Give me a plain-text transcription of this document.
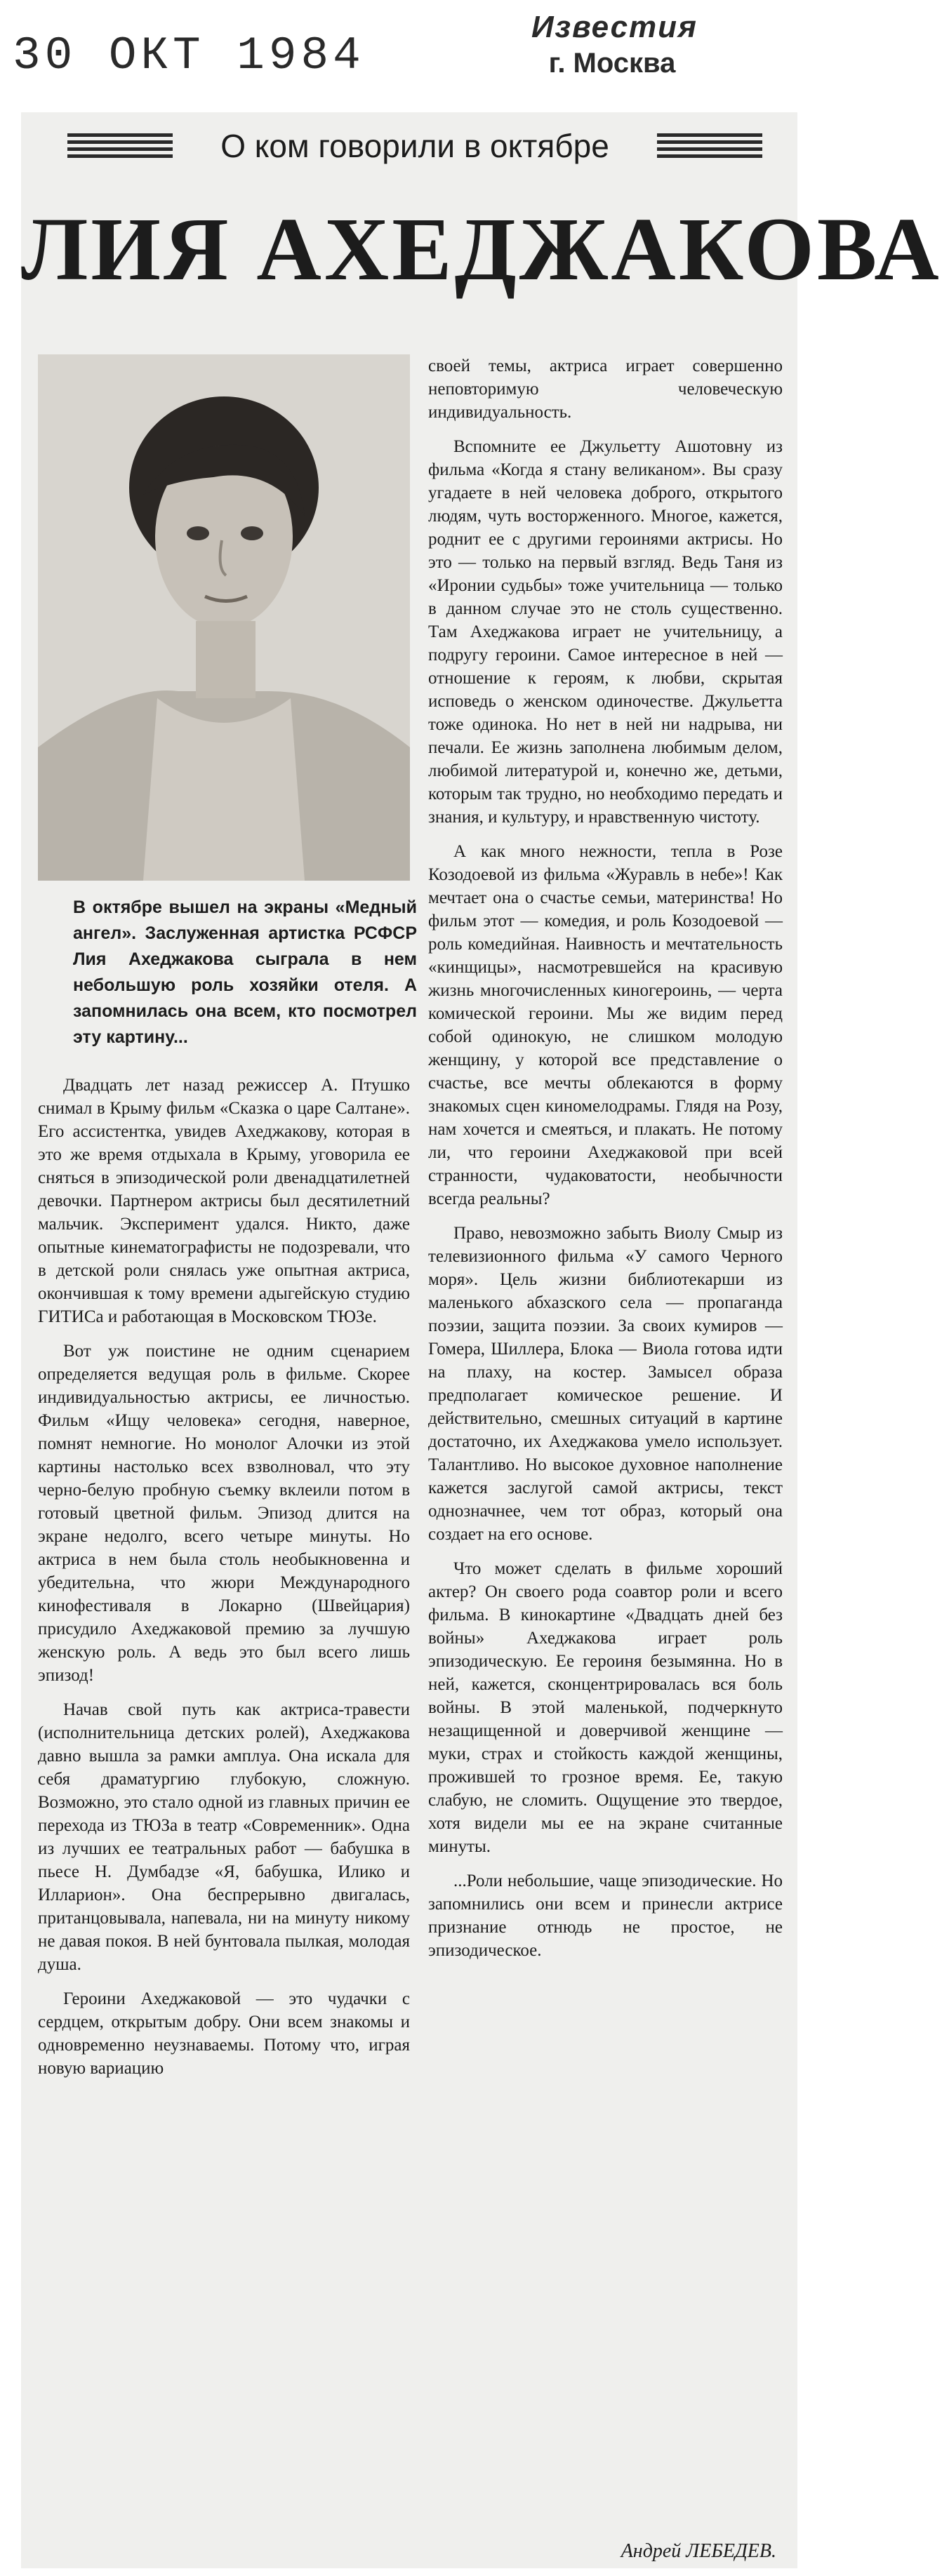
30 ОКТ 1984
Известия
г. Москва
О ком говорили в октябре
ЛИЯ АХЕДЖАКОВА

В октябре вышел на экраны «Медный ангел». Заслуженная артистка РСФСР Лия Ахеджакова сыграла в нем небольшую роль хозяйки отеля. А запомнилась она всем, кто посмотрел эту картину...

Двадцать лет назад режиссер А. Птушко снимал в Крыму фильм «Сказка о царе Салтане». Его ассистентка, увидев Ахеджакову, которая в это же время отдыхала в Крыму, уговорила ее сняться в эпизодической роли двенадцатилетней девочки. Партнером актрисы был десятилетний мальчик. Эксперимент удался. Никто, даже опытные кинематографисты не подозревали, что в детской роли снялась уже опытная актриса, окончившая к тому времени адыгейскую студию ГИТИСа и работающая в Московском ТЮЗе.

Вот уж поистине не одним сценарием определяется ведущая роль в фильме. Скорее индивидуальностью актрисы, ее личностью. Фильм «Ищу человека» сегодня, наверное, помнят немногие. Но монолог Алочки из этой картины настолько всех взволновал, что эту черно-белую пробную съемку вклеили потом в готовый цветной фильм. Эпизод длится на экране недолго, всего четыре минуты. Но актриса в нем была столь необыкновенна и убедительна, что жюри Международного кинофестиваля в Локарно (Швейцария) присудило Ахеджаковой премию за лучшую женскую роль. А ведь это был всего лишь эпизод!

Начав свой путь как актриса-травести (исполнительница детских ролей), Ахеджакова давно вышла за рамки амплуа. Она искала для себя драматургию глубокую, сложную. Возможно, это стало одной из главных причин ее перехода из ТЮЗа в театр «Современник». Одна из лучших ее театральных работ — бабушка в пьесе Н. Думбадзе «Я, бабушка, Илико и Илларион». Она беспрерывно двигалась, пританцовывала, напевала, ни на минуту никому не давая покоя. В ней бунтовала пылкая, молодая душа.

Героини Ахеджаковой — это чудачки с сердцем, открытым добру. Они всем знакомы и одновременно неузнаваемы. Потому что, играя новую вариацию

своей темы, актриса играет совершенно неповторимую человеческую индивидуальность.

Вспомните ее Джульетту Ашотовну из фильма «Когда я стану великаном». Вы сразу угадаете в ней человека доброго, открытого людям, чуть восторженного. Многое, кажется, роднит ее с другими героинями актрисы. Но это — только на первый взгляд. Ведь Таня из «Иронии судьбы» тоже учительница — только в данном случае это не столь существенно. Там Ахеджакова играет не учительницу, а подругу героини. Самое интересное в ней — отношение к героям, к любви, скрытая исповедь о женском одиночестве. Джульетта тоже одинока. Но нет в ней ни надрыва, ни печали. Ее жизнь заполнена любимым делом, любимой литературой и, конечно же, детьми, которым так трудно, но необходимо передать и знания, и культуру, и нравственную чистоту.

А как много нежности, тепла в Розе Козодоевой из фильма «Журавль в небе»! Как мечтает она о счастье семьи, материнства! Но фильм этот — комедия, и роль Козодоевой — роль комедийная. Наивность и мечтательность «кинщицы», насмотревшейся на красивую жизнь многочисленных киногероинь, — черта комической героини. Мы же видим перед собой одинокую, не слишком молодую женщину, у которой все представление о счастье, все мечты облекаются в форму знакомых сцен киномелодрамы. Глядя на Розу, нам хочется и смеяться, и плакать. Не потому ли, что героини Ахеджаковой при всей странности, чудаковатости, необычности всегда реальны?

Право, невозможно забыть Виолу Смыр из телевизионного фильма «У самого Черного моря». Цель жизни библиотекарши из маленького абхазского села — пропаганда поэзии, защита поэзии. За своих кумиров — Гомера, Шиллера, Блока — Виола готова идти на плаху, на костер. Замысел образа предполагает комическое решение. И действительно, смешных ситуаций в картине достаточно, их Ахеджакова умело использует. Талантливо. Но высокое духовное наполнение кажется заслугой самой актрисы, текст однозначнее, чем тот образ, который она создает на его основе.

Что может сделать в фильме хороший актер? Он своего рода соавтор роли и всего фильма. В кинокартине «Двадцать дней без войны» Ахеджакова играет роль эпизодическую. Ее героиня безымянна. Но в ней, кажется, сконцентрировалась вся боль войны. В этой маленькой, подчеркнуто незащищенной и доверчивой женщине — муки, страх и стойкость каждой женщины, прожившей то грозное время. Ее, такую слабую, не сломить. Ощущение это твердое, хотя видели мы ее на экране считанные минуты.

...Роли небольшие, чаще эпизодические. Но запомнились они всем и принесли актрисе признание отнюдь не простое, не эпизодическое.

Андрей ЛЕБЕДЕВ.
